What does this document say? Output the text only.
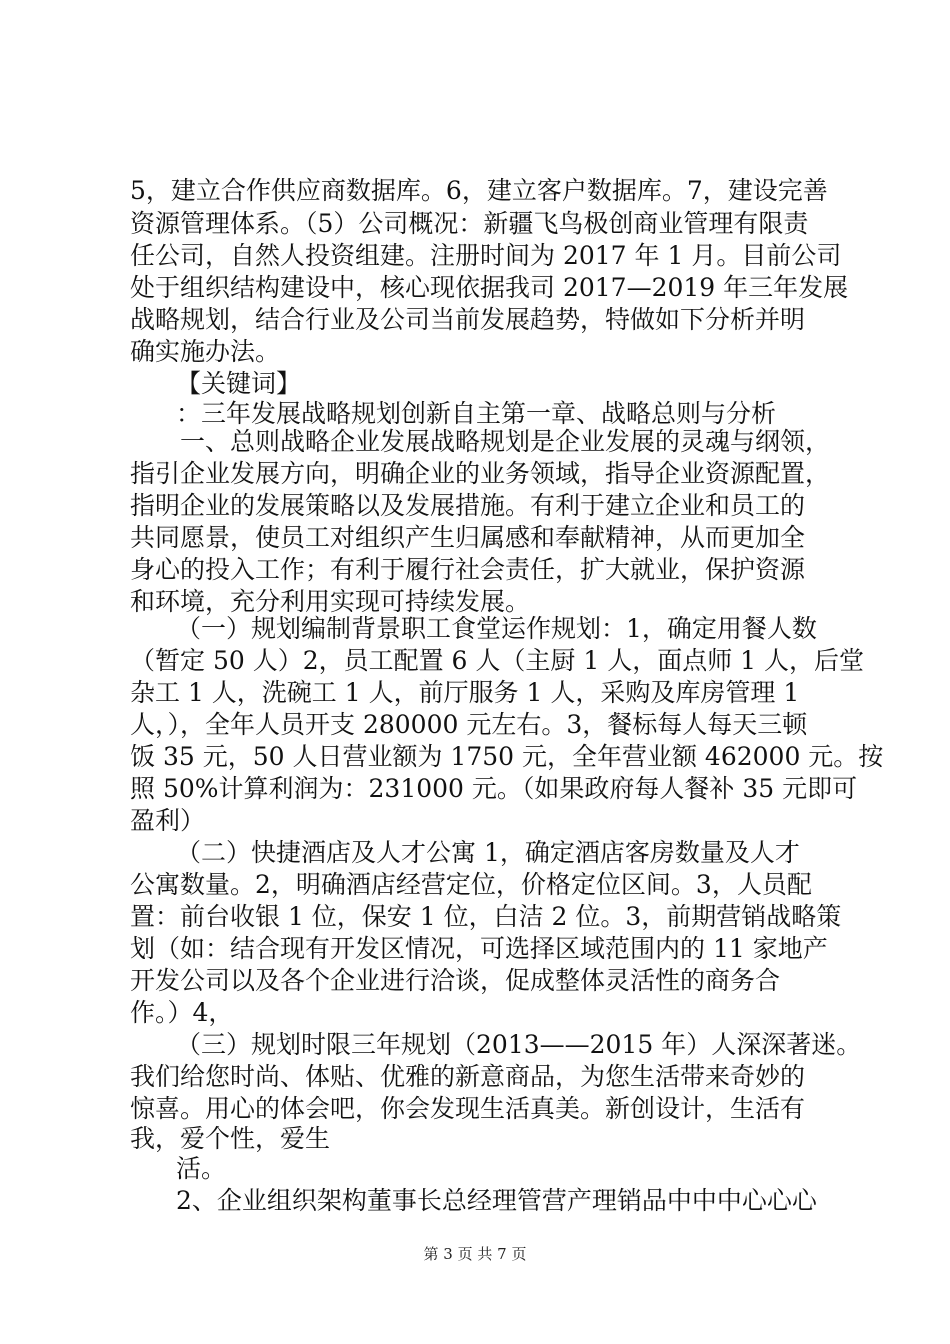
5，建立合作供应商数据库。6，建立客户数据库。7，建设完善
资源管理体系。（5）公司概况：新疆飞鸟极创商业管理有限责
任公司，自然人投资组建。注册时间为 2017 年 1 月。目前公司
处于组织结构建设中，核心现依据我司 2017—2019 年三年发展
战略规划，结合行业及公司当前发展趋势，特做如下分析并明
确实施办法。
【关键词】
：三年发展战略规划创新自主第一章、战略总则与分析
一、总则战略企业发展战略规划是企业发展的灵魂与纲领，
指引企业发展方向，明确企业的业务领域，指导企业资源配置，
指明企业的发展策略以及发展措施。有利于建立企业和员工的
共同愿景，使员工对组织产生归属感和奉献精神，从而更加全
身心的投入工作；有利于履行社会责任，扩大就业，保护资源
和环境，充分利用实现可持续发展。
（一）规划编制背景职工食堂运作规划：1，确定用餐人数
（暂定 50 人）2，员工配置 6 人（主厨 1 人，面点师 1 人，后堂
杂工 1 人，洗碗工 1 人，前厅服务 1 人，采购及库房管理 1
人，），全年人员开支 280000 元左右。3，餐标每人每天三顿
饭 35 元，50 人日营业额为 1750 元，全年营业额 462000 元。按
照 50%计算利润为：231000 元。（如果政府每人餐补 35 元即可
盈利）
（二）快捷酒店及人才公寓 1，确定酒店客房数量及人才
公寓数量。2，明确酒店经营定位，价格定位区间。3，人员配
置：前台收银 1 位，保安 1 位，白洁 2 位。3，前期营销战略策
划（如：结合现有开发区情况，可选择区域范围内的 11 家地产
开发公司以及各个企业进行洽谈，促成整体灵活性的商务合
作。）4，
（三）规划时限三年规划（2013——2015 年）人深深著迷。
我们给您时尚、体贴、优雅的新意商品，为您生活带来奇妙的
惊喜。用心的体会吧，你会发现生活真美。新创设计，生活有
我，爱个性，爱生
活。
2、企业组织架构董事长总经理管营产理销品中中中心心心
第 3 页 共 7 页
